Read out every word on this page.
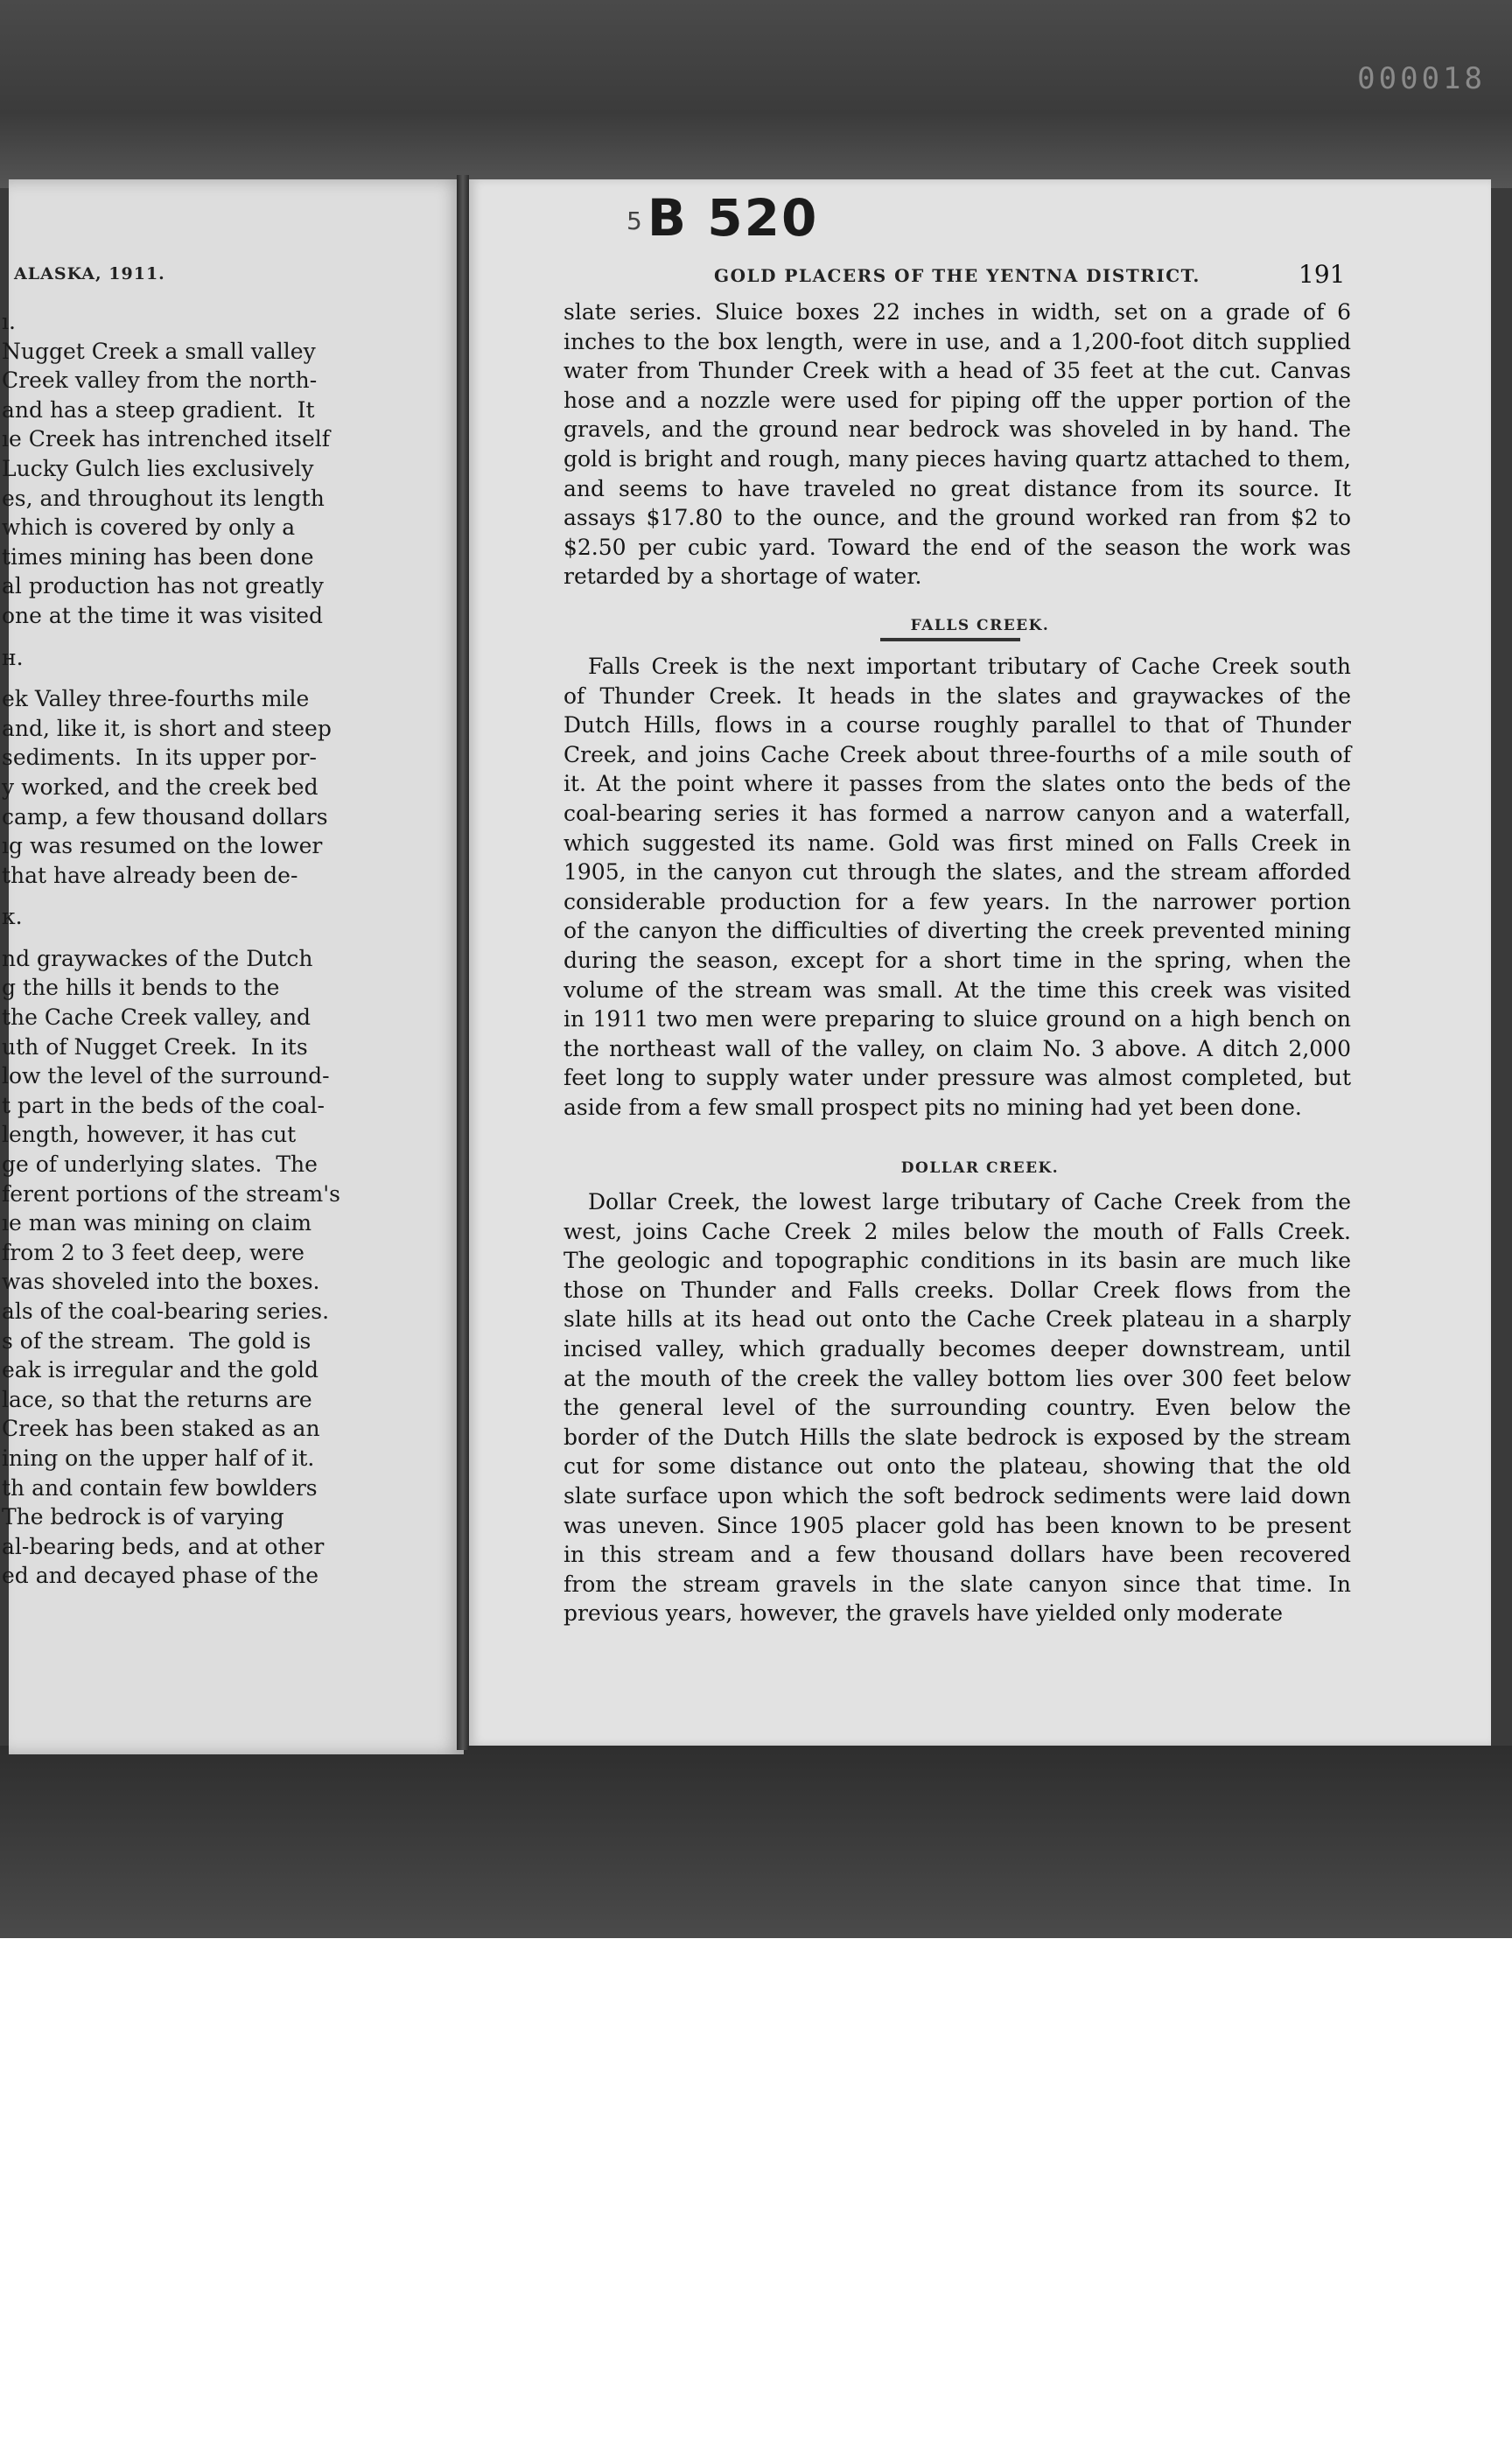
000018
ALASKA, 1911.
ı.
Nugget Creek a small valley
Creek valley from the north-
and has a steep gradient.  It
ıe Creek has intrenched itself
Lucky Gulch lies exclusively
es, and throughout its length
which is covered by only a
times mining has been done
al production has not greatly
one at the time it was visited

н.

ek Valley three-fourths mile
and, like it, is short and steep
sediments.  In its upper por-
y worked, and the creek bed
camp, a few thousand dollars
ıg was resumed on the lower
that have already been de-

к.

nd graywackes of the Dutch
g the hills it bends to the
the Cache Creek valley, and
uth of Nugget Creek.  In its
low the level of the surround-
t part in the beds of the coal-
length, however, it has cut
ge of underlying slates.  The
ferent portions of the stream's
ıe man was mining on claim
from 2 to 3 feet deep, were
was shoveled into the boxes.
als of the coal-bearing series.
s of the stream.  The gold is
eak is irregular and the gold
lace, so that the returns are
Creek has been staked as an
ining on the upper half of it.
th and contain few bowlders
The bedrock is of varying
al-bearing beds, and at other
ed and decayed phase of the
5B 520
GOLD PLACERS OF THE YENTNA DISTRICT.	191
slate series. Sluice boxes 22 inches in width, set on a grade of 6
inches to the box length, were in use, and a 1,200-foot ditch supplied
water from Thunder Creek with a head of 35 feet at the cut. Canvas
hose and a nozzle were used for piping off the upper portion of the
gravels, and the ground near bedrock was shoveled in by hand. The
gold is bright and rough, many pieces having quartz attached to them,
and seems to have traveled no great distance from its source. It
assays $17.80 to the ounce, and the ground worked ran from $2 to
$2.50 per cubic yard. Toward the end of the season the work was
retarded by a shortage of water.
FALLS CREEK.
Falls Creek is the next important tributary of Cache Creek south
of Thunder Creek. It heads in the slates and graywackes of the
Dutch Hills, flows in a course roughly parallel to that of Thunder
Creek, and joins Cache Creek about three-fourths of a mile south of
it. At the point where it passes from the slates onto the beds of the
coal-bearing series it has formed a narrow canyon and a waterfall,
which suggested its name. Gold was first mined on Falls Creek in
1905, in the canyon cut through the slates, and the stream afforded
considerable production for a few years. In the narrower portion
of the canyon the difficulties of diverting the creek prevented mining
during the season, except for a short time in the spring, when the
volume of the stream was small. At the time this creek was visited
in 1911 two men were preparing to sluice ground on a high bench on
the northeast wall of the valley, on claim No. 3 above. A ditch 2,000
feet long to supply water under pressure was almost completed, but
aside from a few small prospect pits no mining had yet been done.
DOLLAR CREEK.
Dollar Creek, the lowest large tributary of Cache Creek from the
west, joins Cache Creek 2 miles below the mouth of Falls Creek.
The geologic and topographic conditions in its basin are much like
those on Thunder and Falls creeks. Dollar Creek flows from the
slate hills at its head out onto the Cache Creek plateau in a sharply
incised valley, which gradually becomes deeper downstream, until
at the mouth of the creek the valley bottom lies over 300 feet below
the general level of the surrounding country. Even below the
border of the Dutch Hills the slate bedrock is exposed by the stream
cut for some distance out onto the plateau, showing that the old
slate surface upon which the soft bedrock sediments were laid down
was uneven. Since 1905 placer gold has been known to be present
in this stream and a few thousand dollars have been recovered
from the stream gravels in the slate canyon since that time. In
previous years, however, the gravels have yielded only moderate
